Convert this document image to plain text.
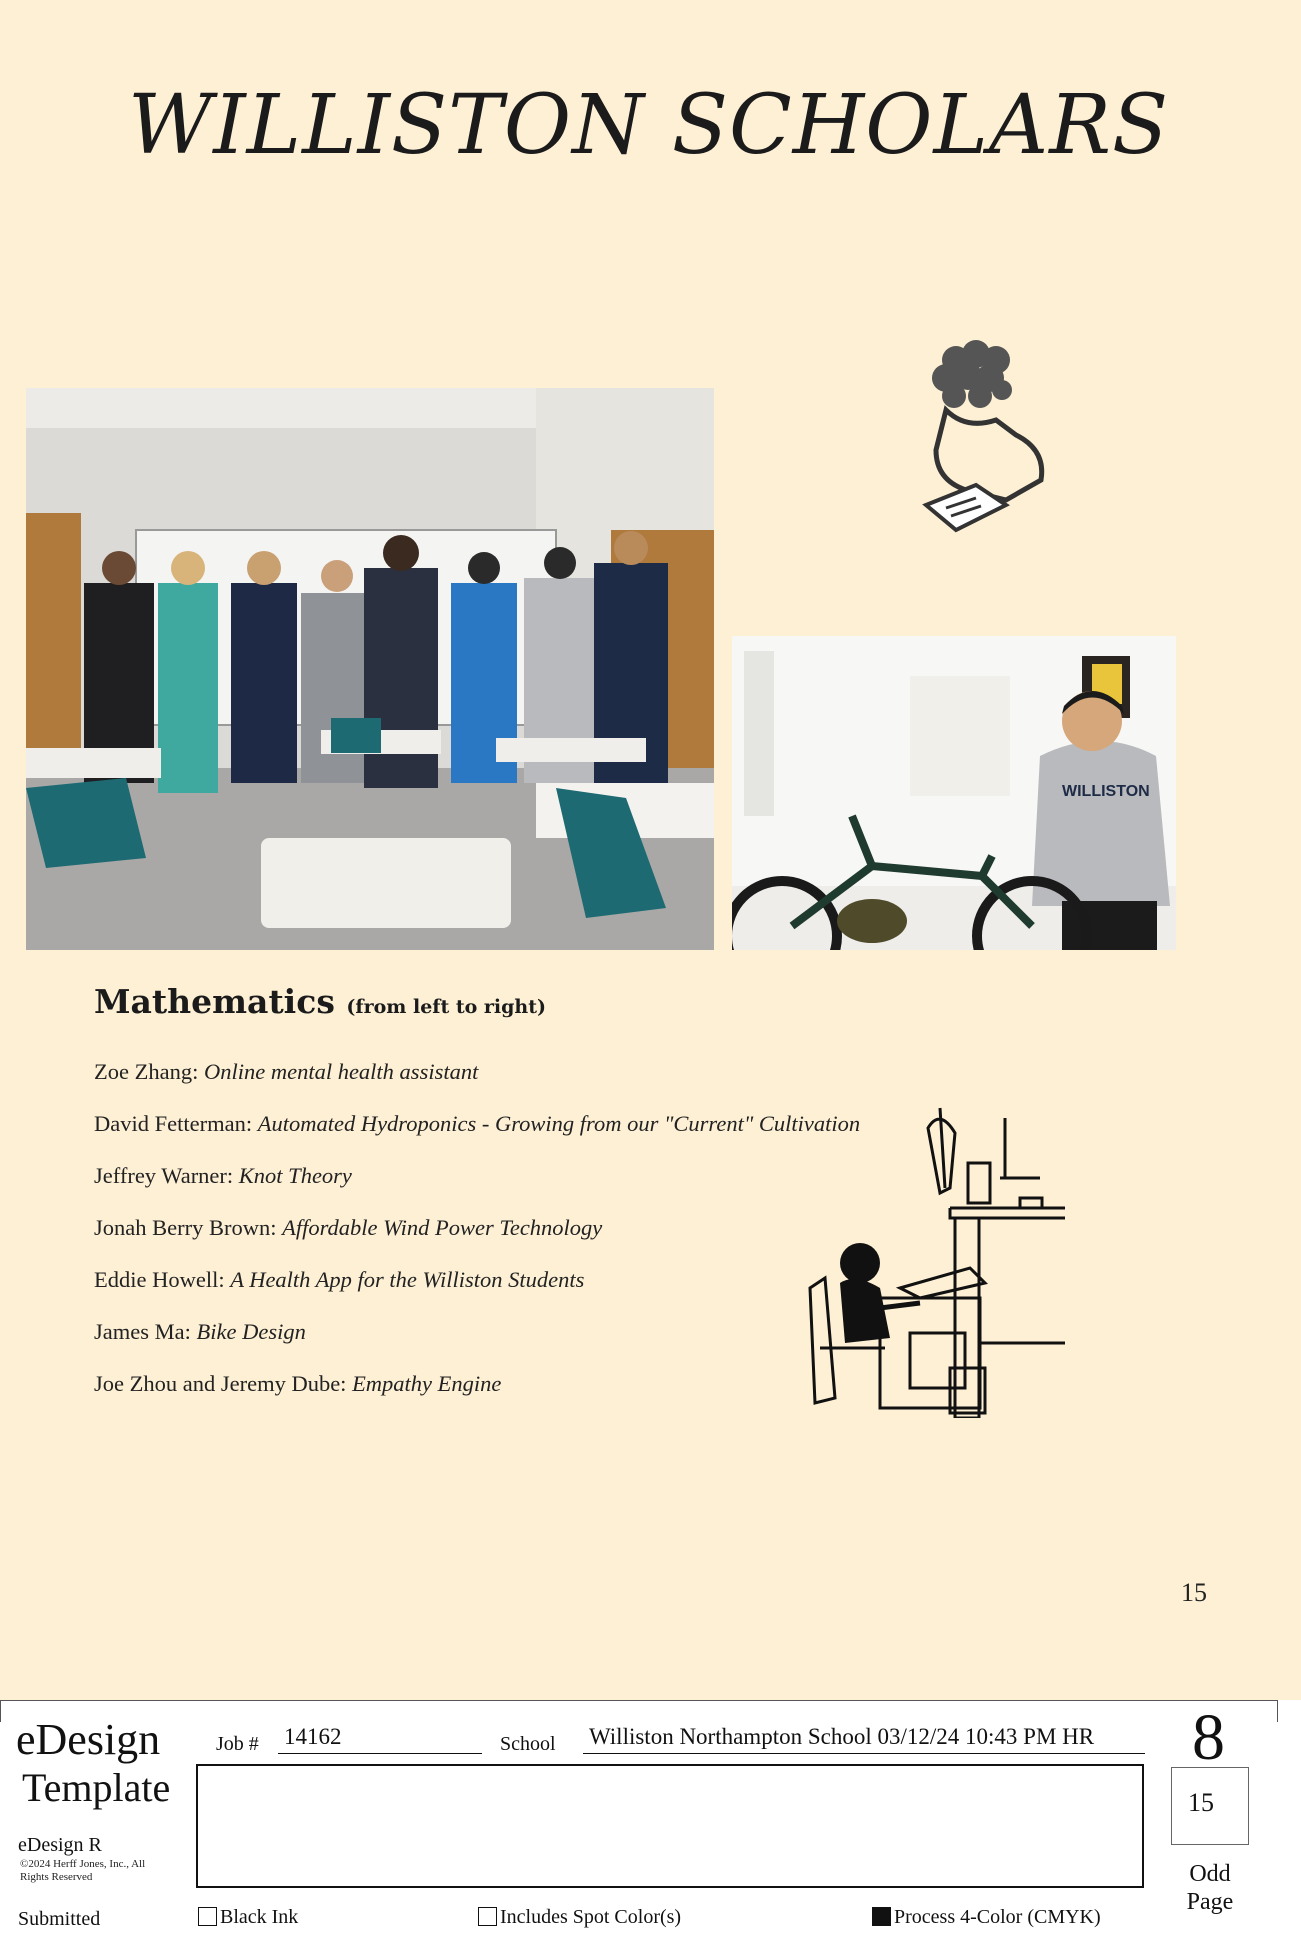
WILLISTON SCHOLARS
WILLISTON
Mathematics (from left to right)
Zoe Zhang: Online mental health assistant
David Fetterman: Automated Hydroponics - Growing from our "Current" Cultivation
Jeffrey Warner: Knot Theory
Jonah Berry Brown: Affordable Wind Power Technology
Eddie Howell: A Health App for the Williston Students
James Ma: Bike Design
Joe Zhou and Jeremy Dube: Empathy Engine
15
eDesign
Template
eDesign R
©2024 Herff Jones, Inc., All Rights Reserved
Submitted
Job # 14162	School Williston Northampton School 03/12/24 10:43 PM HR	8
15
Odd
Page
Black Ink	Includes Spot Color(s)	Process 4-Color (CMYK)
